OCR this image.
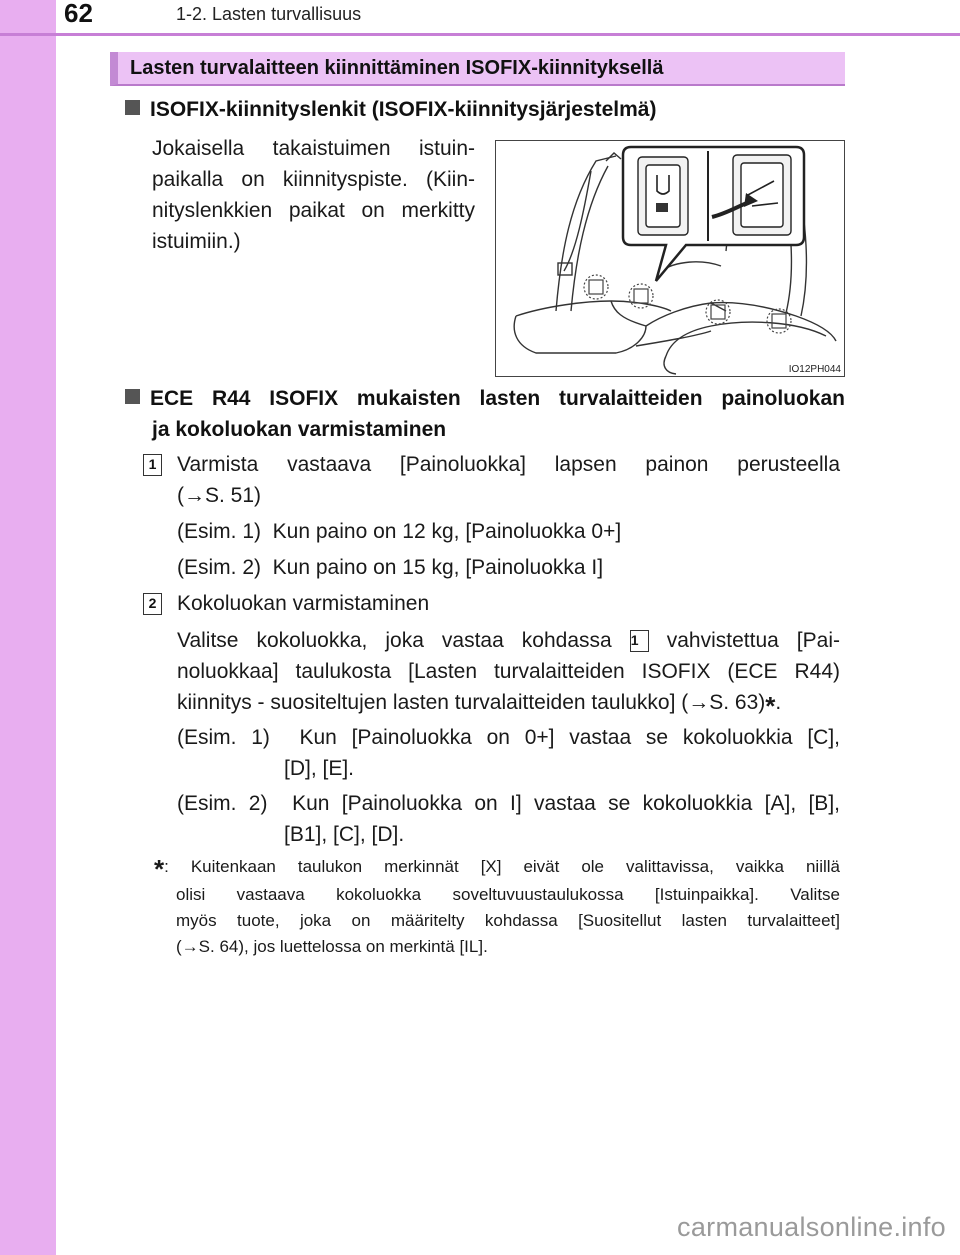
62	1-2. Lasten turvallisuus
Lasten turvalaitteen kiinnittäminen ISOFIX-kiinnityksellä
ISOFIX-kiinnityslenkit (ISOFIX-kiinnitysjärjestelmä)
Jokaisella takaistuimen istuin-
paikalla on kiinnityspiste. (Kiin-
nityslenkkien paikat on merkitty
istuimiin.)
IO12PH044
ECE R44 ISOFIX mukaisten lasten turvalaitteiden painoluokan
ja kokoluokan varmistaminen
1 Varmista vastaava [Painoluokka] lapsen painon perusteella
(→S. 51)
(Esim. 1)  Kun paino on 12 kg, [Painoluokka 0+]
(Esim. 2)  Kun paino on 15 kg, [Painoluokka I]
2 Kokoluokan varmistaminen
Valitse kokoluokka, joka vastaa kohdassa 1 vahvistettua [Pai-
noluokkaa] taulukosta [Lasten turvalaitteiden ISOFIX (ECE R44)
kiinnitys - suositeltujen lasten turvalaitteiden taulukko] (→S. 63)*.
(Esim. 1)  Kun [Painoluokka on 0+] vastaa se kokoluokkia [C],
[D], [E].
(Esim. 2)  Kun [Painoluokka on I] vastaa se kokoluokkia [A], [B],
[B1], [C], [D].
*: Kuitenkaan taulukon merkinnät [X] eivät ole valittavissa, vaikka niillä
olisi vastaava kokoluokka soveltuvuustaulukossa [Istuinpaikka]. Valitse
myös tuote, joka on määritelty kohdassa [Suositellut lasten turvalaitteet]
(→S. 64), jos luettelossa on merkintä [IL].
carmanualsonline.info
